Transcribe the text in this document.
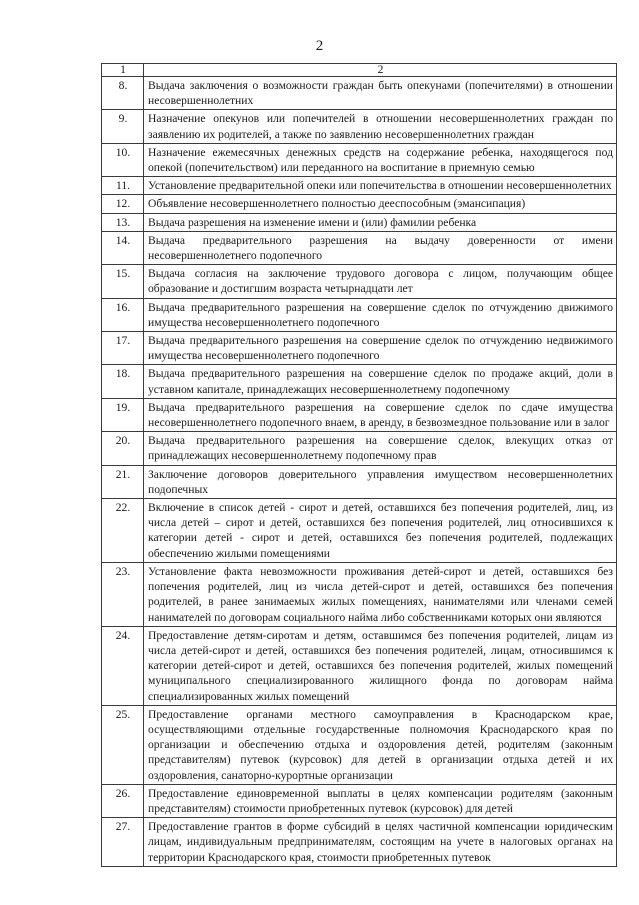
2
1	2
8.	Выдача заключения о возможности граждан быть опекунами (попечителями) в отношении несовершеннолетних
9.	Назначение опекунов или попечителей в отношении несовершеннолетних граждан по заявлению их родителей, а также по заявлению несовершеннолетних граждан
10.	Назначение ежемесячных денежных средств на содержание ребенка, находящегося под опекой (попечительством) или переданного на воспитание в приемную семью
11.	Установление предварительной опеки или попечительства в отношении несовершеннолетних
12.	Объявление несовершеннолетнего полностью дееспособным (эмансипация)
13.	Выдача разрешения на изменение имени и (или) фамилии ребенка
14.	Выдача предварительного разрешения на выдачу доверенности от имени несовершеннолетнего подопечного
15.	Выдача согласия на заключение трудового договора с лицом, получающим общее образование и достигшим возраста четырнадцати лет
16.	Выдача предварительного разрешения на совершение сделок по отчуждению движимого имущества несовершеннолетнего подопечного
17.	Выдача предварительного разрешения на совершение сделок по отчуждению недвижимого имущества несовершеннолетнего подопечного
18.	Выдача предварительного разрешения на совершение сделок по продаже акций, доли в уставном капитале, принадлежащих несовершеннолетнему подопечному
19.	Выдача предварительного разрешения на совершение сделок по сдаче имущества несовершеннолетнего подопечного внаем, в аренду, в безвозмездное пользование или в залог
20.	Выдача предварительного разрешения на совершение сделок, влекущих отказ от принадлежащих несовершеннолетнему подопечному прав
21.	Заключение договоров доверительного управления имуществом несовершеннолетних подопечных
22.	Включение в список детей - сирот и детей, оставшихся без попечения родителей, лиц, из числа детей – сирот и детей, оставшихся без попечения родителей, лиц относившихся к категории детей - сирот и детей, оставшихся без попечения родителей, подлежащих обеспечению жилыми помещениями
23.	Установление факта невозможности проживания детей-сирот и детей, оставшихся без попечения родителей, лиц из числа детей-сирот и детей, оставшихся без попечения родителей, в ранее занимаемых жилых помещениях, нанимателями или членами семей нанимателей по договорам социального найма либо собственниками которых они являются
24.	Предоставление детям-сиротам и детям, оставшимся без попечения родителей, лицам из числа детей-сирот и детей, оставшихся без попечения родителей, лицам, относившимся к категории детей-сирот и детей, оставшихся без попечения родителей, жилых помещений муниципального специализированного жилищного фонда по договорам найма специализированных жилых помещений
25.	Предоставление органами местного самоуправления в Краснодарском крае, осуществляющими отдельные государственные полномочия Краснодарского края по организации и обеспечению отдыха и оздоровления детей, родителям (законным представителям) путевок (курсовок) для детей в организации отдыха детей и их оздоровления, санаторно-курортные организации
26.	Предоставление единовременной выплаты в целях компенсации родителям (законным представителям) стоимости приобретенных путевок (курсовок) для детей
27.	Предоставление грантов в форме субсидий в целях частичной компенсации юридическим лицам, индивидуальным предпринимателям, состоящим на учете в налоговых органах на территории Краснодарского края, стоимости приобретенных путевок
